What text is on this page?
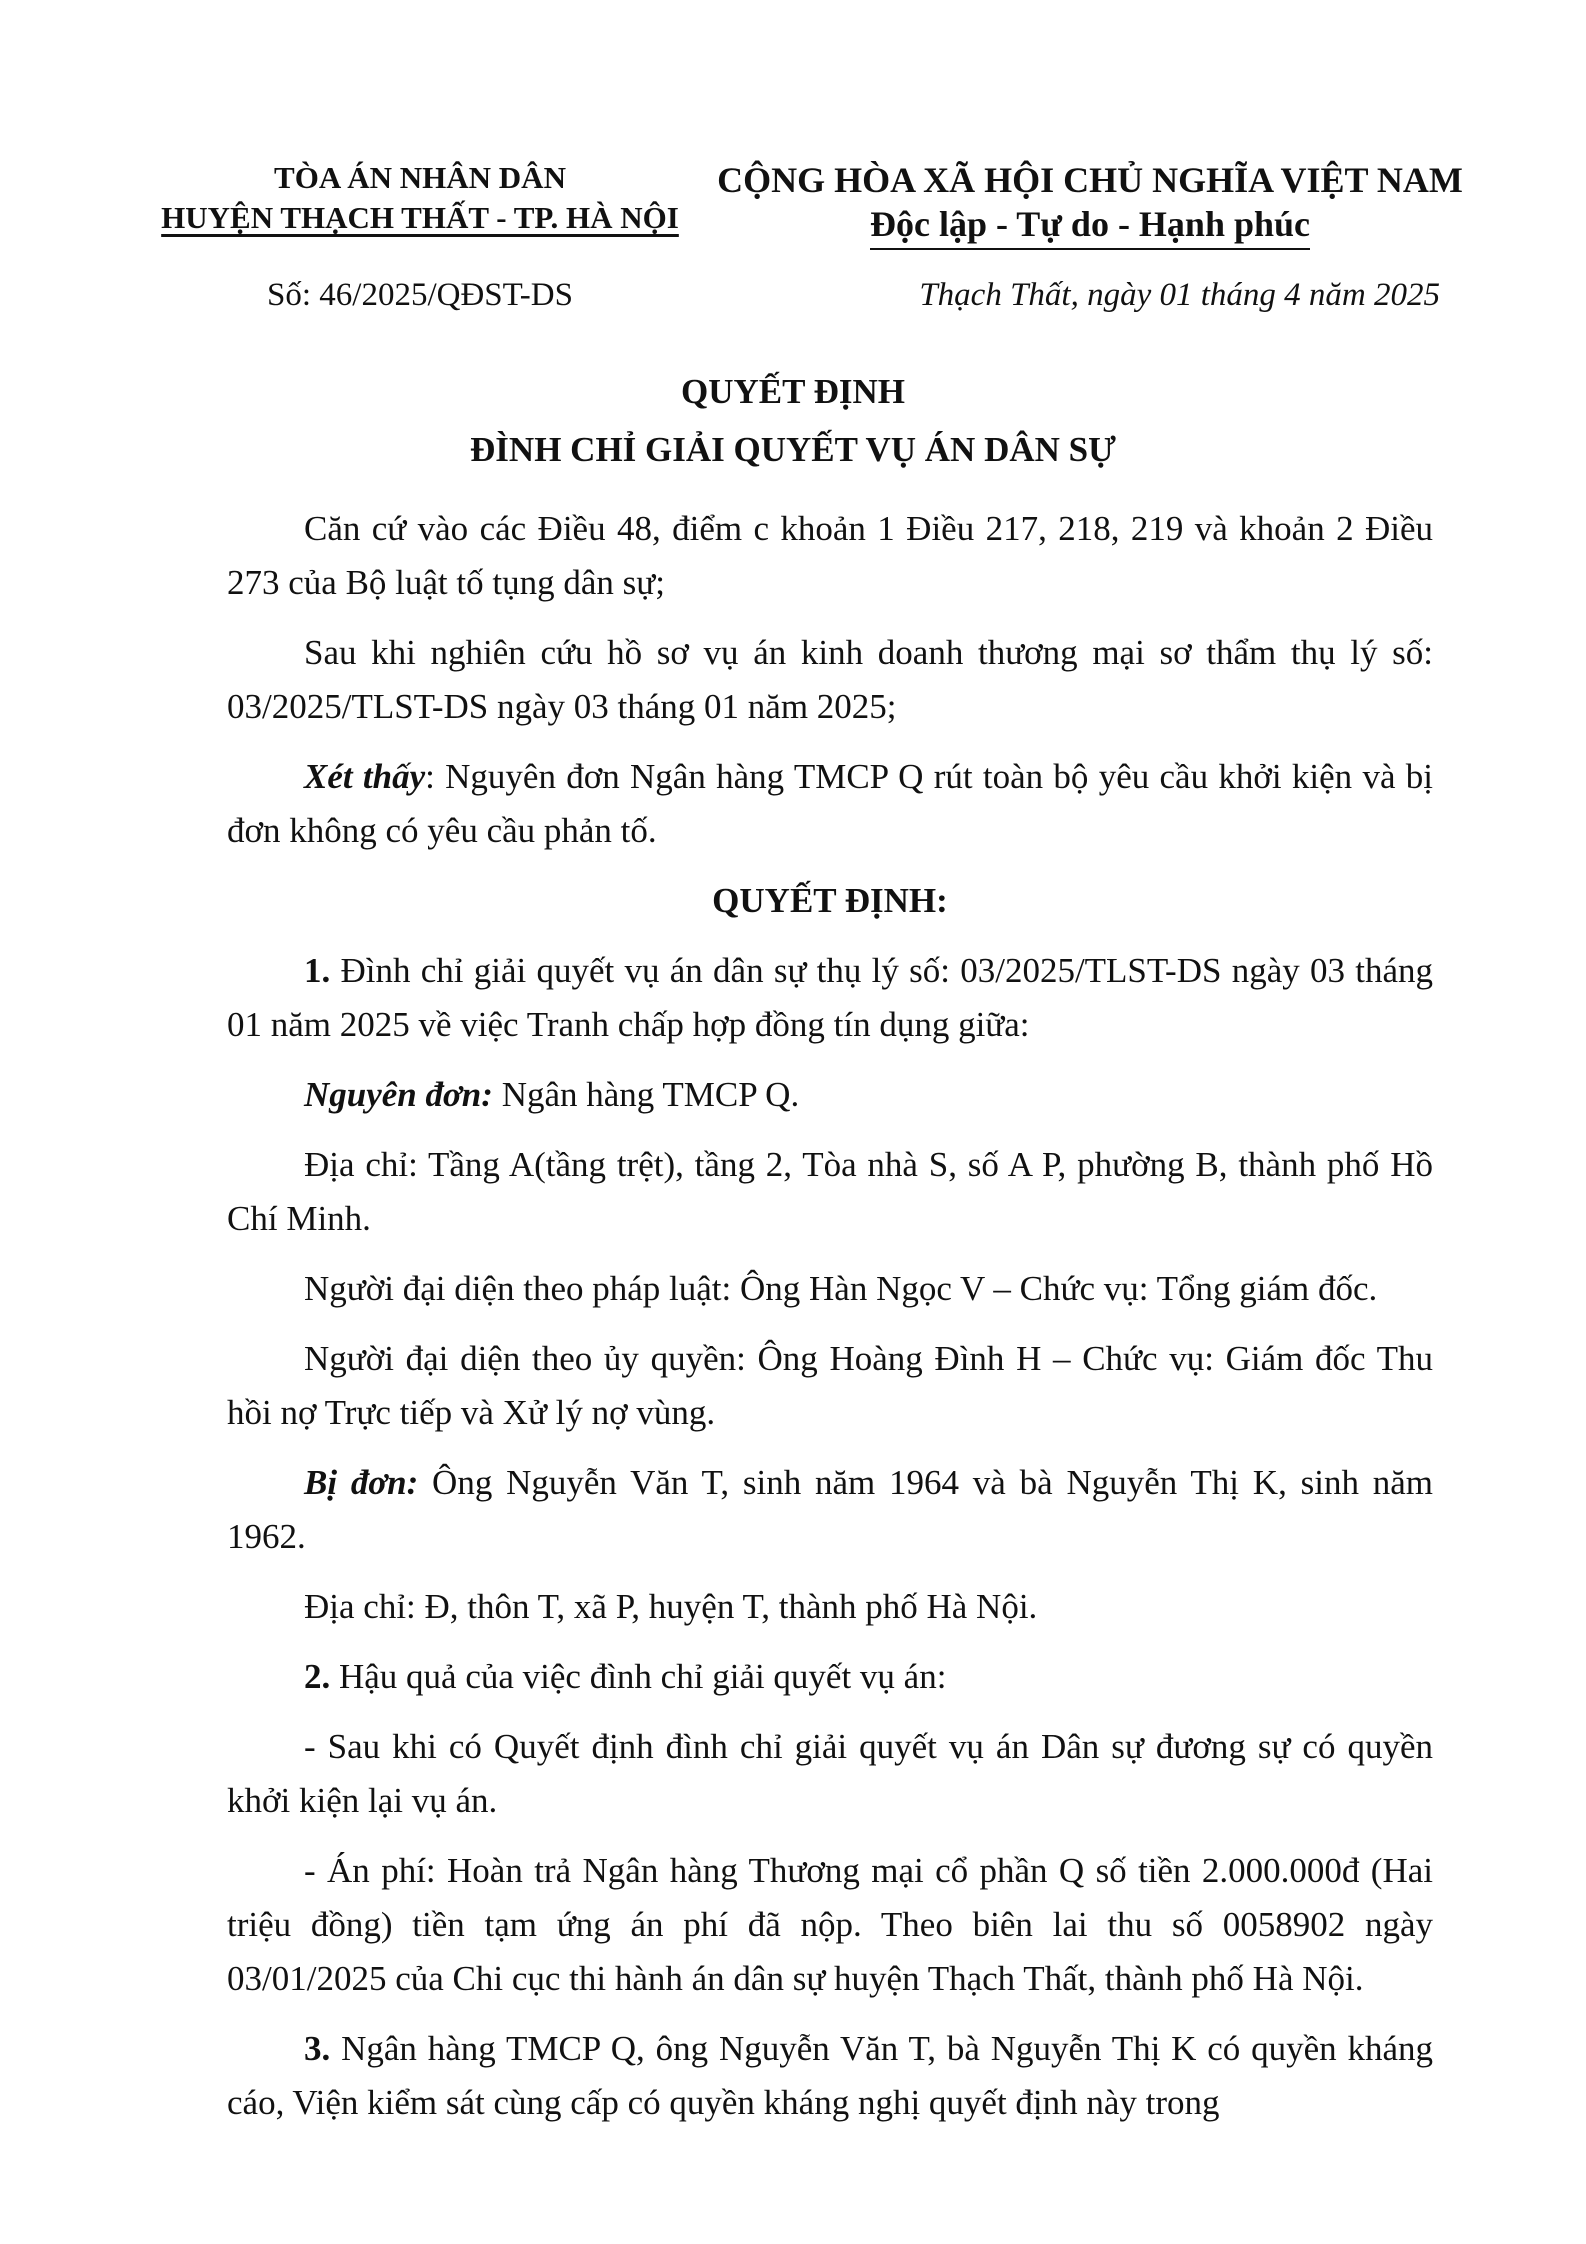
TÒA ÁN NHÂN DÂN
HUYỆN THẠCH THẤT - TP. HÀ NỘI
CỘNG HÒA XÃ HỘI CHỦ NGHĨA VIỆT NAM
Độc lập - Tự do - Hạnh phúc
Số: 46/2025/QĐST-DS	Thạch Thất, ngày 01 tháng 4 năm 2025
QUYẾT ĐỊNH
ĐÌNH CHỈ GIẢI QUYẾT VỤ ÁN DÂN SỰ

Căn cứ vào các Điều 48, điểm c khoản 1 Điều 217, 218, 219 và khoản 2 Điều 273 của Bộ luật tố tụng dân sự;

Sau khi nghiên cứu hồ sơ vụ án kinh doanh thương mại sơ thẩm thụ lý số: 03/2025/TLST-DS ngày 03 tháng 01 năm 2025;

Xét thấy: Nguyên đơn Ngân hàng TMCP Q rút toàn bộ yêu cầu khởi kiện và bị đơn không có yêu cầu phản tố.

QUYẾT ĐỊNH:

1. Đình chỉ giải quyết vụ án dân sự thụ lý số: 03/2025/TLST-DS ngày 03 tháng 01 năm 2025 về việc Tranh chấp hợp đồng tín dụng giữa:

Nguyên đơn: Ngân hàng TMCP Q.

Địa chỉ: Tầng A(tầng trệt), tầng 2, Tòa nhà S, số A P, phường B, thành phố Hồ Chí Minh.

Người đại diện theo pháp luật: Ông Hàn Ngọc V – Chức vụ: Tổng giám đốc.

Người đại diện theo ủy quyền: Ông Hoàng Đình H – Chức vụ: Giám đốc Thu hồi nợ Trực tiếp và Xử lý nợ vùng.

Bị đơn: Ông Nguyễn Văn T, sinh năm 1964 và bà Nguyễn Thị K, sinh năm 1962.

Địa chỉ: Đ, thôn T, xã P, huyện T, thành phố Hà Nội.

2. Hậu quả của việc đình chỉ giải quyết vụ án:

- Sau khi có Quyết định đình chỉ giải quyết vụ án Dân sự đương sự có quyền khởi kiện lại vụ án.

- Án phí: Hoàn trả Ngân hàng Thương mại cổ phần Q số tiền 2.000.000đ (Hai triệu đồng) tiền tạm ứng án phí đã nộp. Theo biên lai thu số 0058902 ngày 03/01/2025 của Chi cục thi hành án dân sự huyện Thạch Thất, thành phố Hà Nội.

3. Ngân hàng TMCP Q, ông Nguyễn Văn T, bà Nguyễn Thị K có quyền kháng cáo, Viện kiểm sát cùng cấp có quyền kháng nghị quyết định này trong
